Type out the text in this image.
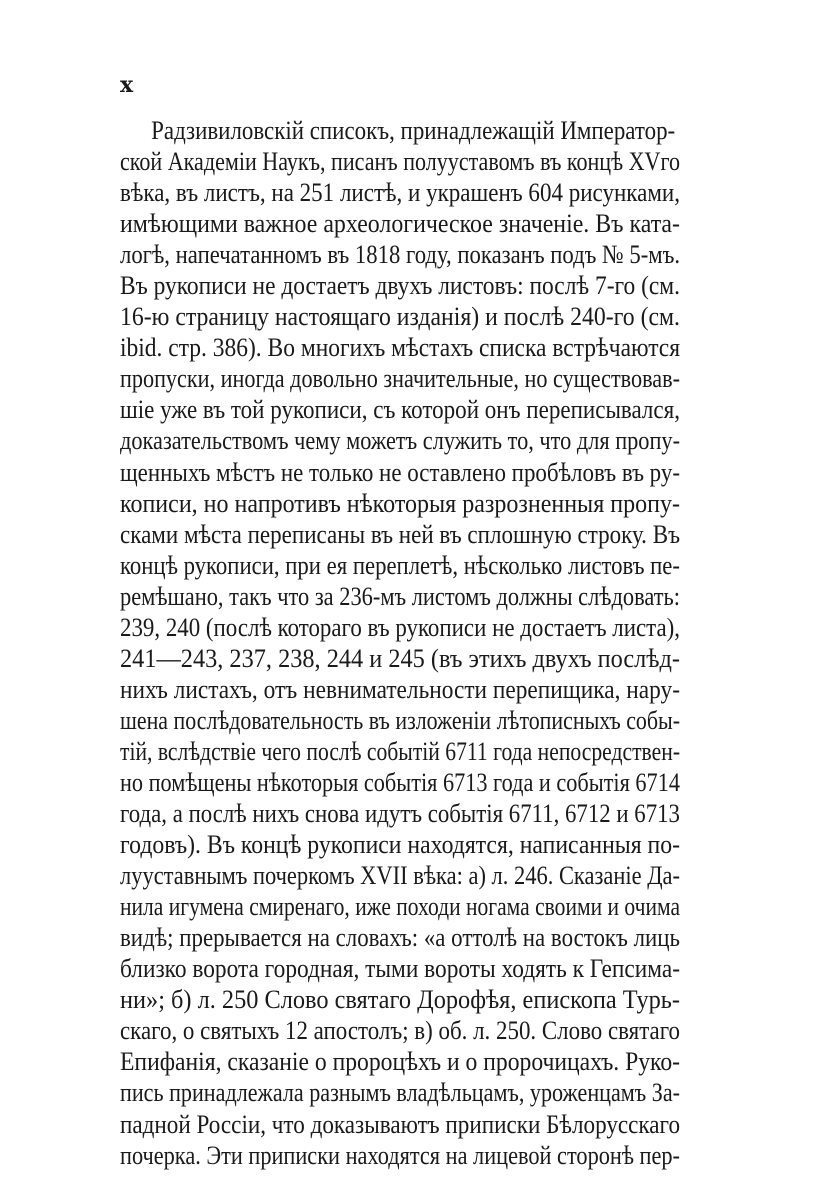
x
Радзивиловскій списокъ, принадлежащій Император-
ской Академіи Наукъ, писанъ полууставомъ въ концѣ XVго
вѣка, въ листъ, на 251 листѣ, и украшенъ 604 рисунками,
имѣющими важное археологическое значеніе. Въ ката-
логѣ, напечатанномъ въ 1818 году, показанъ подъ № 5-мъ.
Въ рукописи не достаетъ двухъ листовъ: послѣ 7-го (см.
16-ю страницу настоящаго изданія) и послѣ 240-го (см.
ibid. стр. 386). Во многихъ мѣстахъ списка встрѣчаются
пропуски, иногда довольно значительные, но существовав-
шіе уже въ той рукописи, съ которой онъ переписывался,
доказательствомъ чему можетъ служить то, что для пропу-
щенныхъ мѣстъ не только не оставлено пробѣловъ въ ру-
кописи, но напротивъ нѣкоторыя разрозненныя пропу-
сками мѣста переписаны въ ней въ сплошную строку. Въ
концѣ рукописи, при ея переплетѣ, нѣсколько листовъ пе-
ремѣшано, такъ что за 236-мъ листомъ должны слѣдовать:
239, 240 (послѣ котораго въ рукописи не достаетъ листа),
241—243, 237, 238, 244 и 245 (въ этихъ двухъ послѣд-
нихъ листахъ, отъ невнимательности перепищика, нару-
шена послѣдовательность въ изложеніи лѣтописныхъ собы-
тій, вслѣдствіе чего послѣ событій 6711 года непосредствен-
но помѣщены нѣкоторыя событія 6713 года и событія 6714
года, а послѣ нихъ снова идутъ событія 6711, 6712 и 6713
годовъ). Въ концѣ рукописи находятся, написанныя по-
лууставнымъ почеркомъ XVII вѣка: а) л. 246. Сказаніе Да-
нила игумена смиренаго, иже походи ногама своими и очима
видѣ; прерывается на словахъ: «а оттолѣ на востокъ лиць
близко ворота городная, тыми вороты ходять к Гепсима-
ни»; б) л. 250 Слово святаго Дорофѣя, епископа Турь-
скаго, о святыхъ 12 апостолъ; в) об. л. 250. Слово святаго
Епифанія, сказаніе о пророцѣхъ и о пророчицахъ. Руко-
пись принадлежала разнымъ владѣльцамъ, уроженцамъ За-
падной Россіи, что доказываютъ приписки Бѣлорусскаго
почерка. Эти приписки находятся на лицевой сторонѣ пер-
